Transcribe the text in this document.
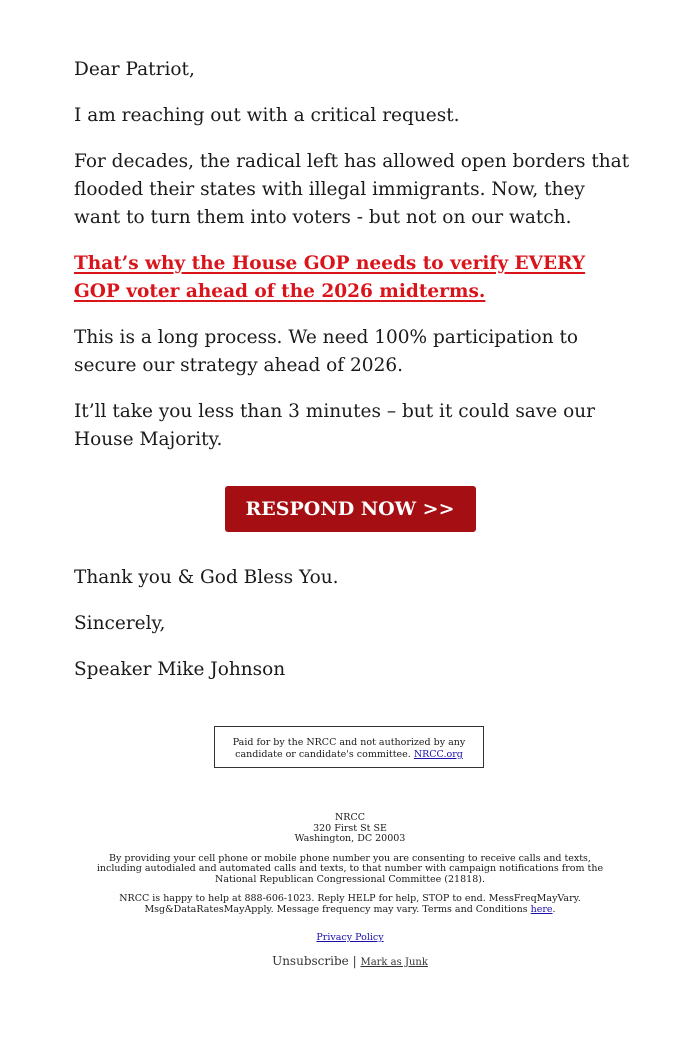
Dear Patriot,

I am reaching out with a critical request.

For decades, the radical left has allowed open borders that flooded their states with illegal immigrants. Now, they want to turn them into voters - but not on our watch.

That’s why the House GOP needs to verify EVERY GOP voter ahead of the 2026 midterms.

This is a long process. We need 100% participation to secure our strategy ahead of 2026.

It’ll take you less than 3 minutes – but it could save our House Majority.

RESPOND NOW >>

Thank you & God Bless You.

Sincerely,

Speaker Mike Johnson

Paid for by the NRCC and not authorized by any candidate or candidate's committee. NRCC.org
NRCC
320 First St SE
Washington, DC 20003
By providing your cell phone or mobile phone number you are consenting to receive calls and texts, including autodialed and automated calls and texts, to that number with campaign notifications from the National Republican Congressional Committee (21818).
NRCC is happy to help at 888-606-1023. Reply HELP for help, STOP to end. MessFreqMayVary. Msg&DataRatesMayApply. Message frequency may vary. Terms and Conditions here.
Privacy Policy
Unsubscribe | Mark as Junk
